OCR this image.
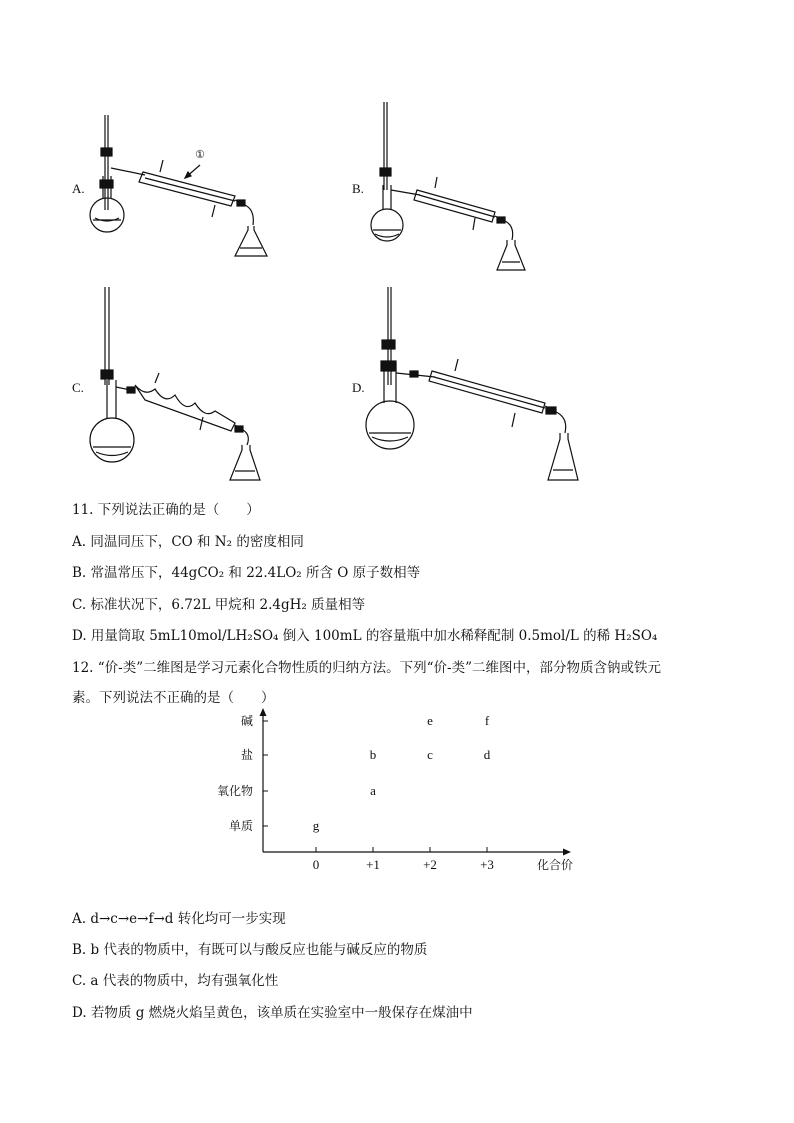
A.
①
B.
C.	D.
11. 下列说法正确的是（　　）
A. 同温同压下，CO 和 N₂ 的密度相同
B. 常温常压下，44gCO₂ 和 22.4LO₂ 所含 O 原子数相等
C. 标准状况下，6.72L 甲烷和 2.4gH₂ 质量相等
D. 用量筒取 5mL10mol/LH₂SO₄ 倒入 100mL 的容量瓶中加水稀释配制 0.5mol/L 的稀 H₂SO₄
12. “价-类”二维图是学习元素化合物性质的归纳方法。下列“价-类”二维图中，部分物质含钠或铁元
素。下列说法不正确的是（　　）
单质
氧化物
盐
碱
0	+1	+2	+3	化合价
g
a
b	c	d
e	f
A. d→c→e→f→d 转化均可一步实现
B. b 代表的物质中，有既可以与酸反应也能与碱反应的物质
C. a 代表的物质中，均有强氧化性
D. 若物质 g 燃烧火焰呈黄色，该单质在实验室中一般保存在煤油中
